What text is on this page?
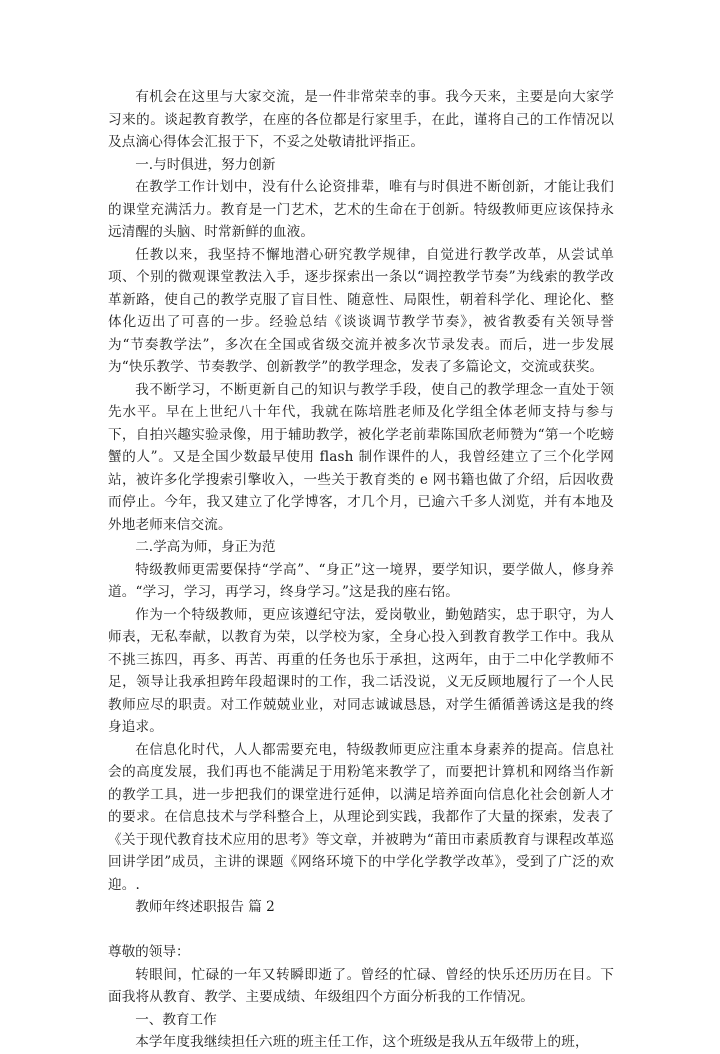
有机会在这里与大家交流，是一件非常荣幸的事。我今天来，主要是向大家学习来的。谈起教育教学，在座的各位都是行家里手，在此，谨将自己的工作情况以及点滴心得体会汇报于下，不妥之处敬请批评指正。

一.与时俱进，努力创新

在教学工作计划中，没有什么论资排辈，唯有与时俱进不断创新，才能让我们的课堂充满活力。教育是一门艺术，艺术的生命在于创新。特级教师更应该保持永远清醒的头脑、时常新鲜的血液。

任教以来，我坚持不懈地潜心研究教学规律，自觉进行教学改革，从尝试单项、个别的微观课堂教法入手，逐步探索出一条以“调控教学节奏”为线索的教学改革新路，使自己的教学克服了盲目性、随意性、局限性，朝着科学化、理论化、整体化迈出了可喜的一步。经验总结《谈谈调节教学节奏》，被省教委有关领导誉为“节奏教学法”，多次在全国或省级交流并被多次节录发表。而后，进一步发展为“快乐教学、节奏教学、创新教学”的教学理念，发表了多篇论文，交流或获奖。

我不断学习，不断更新自己的知识与教学手段，使自己的教学理念一直处于领先水平。早在上世纪八十年代，我就在陈培胜老师及化学组全体老师支持与参与下，自拍兴趣实验录像，用于辅助教学，被化学老前辈陈国欣老师赞为“第一个吃螃蟹的人”。又是全国少数最早使用 flash 制作课件的人，我曾经建立了三个化学网站，被许多化学搜索引擎收入，一些关于教育类的 e 网书籍也做了介绍，后因收费而停止。今年，我又建立了化学博客，才几个月，已逾六千多人浏览，并有本地及外地老师来信交流。

二.学高为师，身正为范

特级教师更需要保持“学高”、“身正”这一境界，要学知识，要学做人，修身养道。“学习，学习，再学习，终身学习。”这是我的座右铭。

作为一个特级教师，更应该遵纪守法，爱岗敬业，勤勉踏实，忠于职守，为人师表，无私奉献，以教育为荣，以学校为家，全身心投入到教育教学工作中。我从不挑三拣四，再多、再苦、再重的任务也乐于承担，这两年，由于二中化学教师不足，领导让我承担跨年段超课时的工作，我二话没说，义无反顾地履行了一个人民教师应尽的职责。对工作兢兢业业，对同志诚诚恳恳，对学生循循善诱这是我的终身追求。

在信息化时代，人人都需要充电，特级教师更应注重本身素养的提高。信息社会的高度发展，我们再也不能满足于用粉笔来教学了，而要把计算机和网络当作新的教学工具，进一步把我们的课堂进行延伸，以满足培养面向信息化社会创新人才的要求。在信息技术与学科整合上，从理论到实践，我都作了大量的探索，发表了《关于现代教育技术应用的思考》等文章，并被聘为“莆田市素质教育与课程改革巡回讲学团”成员，主讲的课题《网络环境下的中学化学教学改革》，受到了广泛的欢迎。.

教师年终述职报告 篇 2

尊敬的领导：

转眼间，忙碌的一年又转瞬即逝了。曾经的忙碌、曾经的快乐还历历在目。下面我将从教育、教学、主要成绩、年级组四个方面分析我的工作情况。

一、教育工作

本学年度我继续担任六班的班主任工作，这个班级是我从五年级带上的班，
